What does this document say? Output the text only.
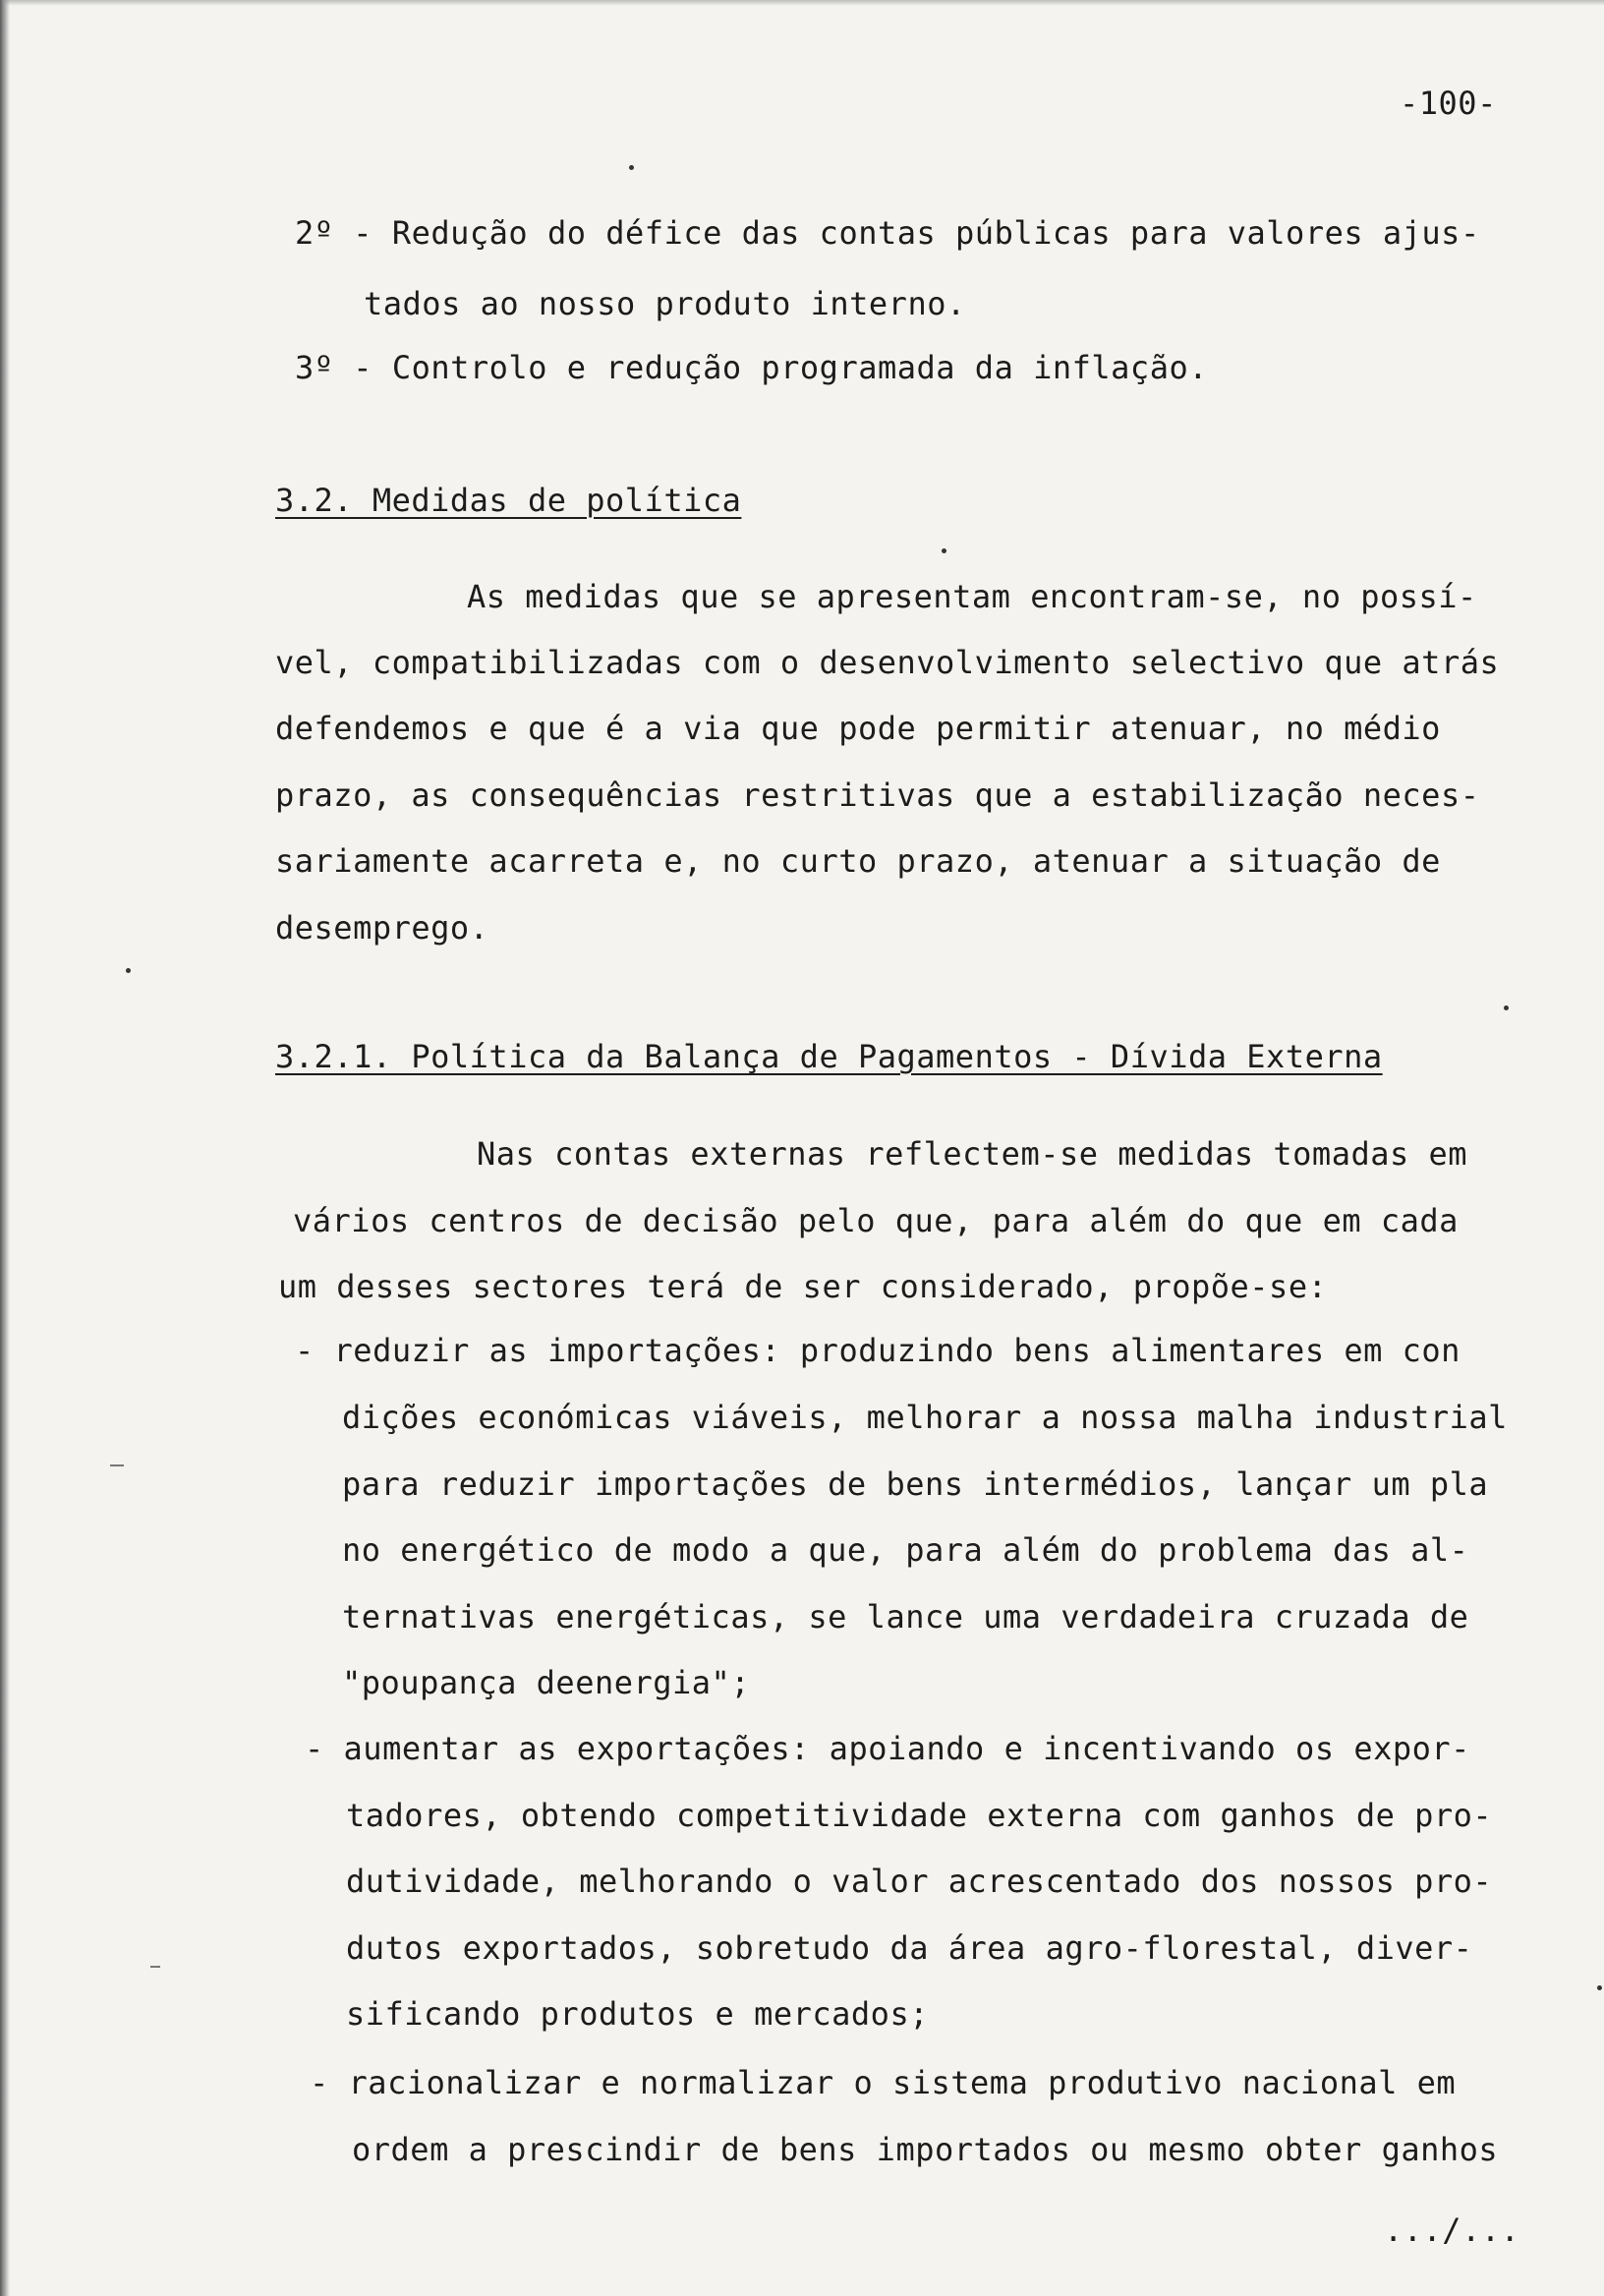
-100-
2º - Redução do défice das contas públicas para valores ajus-
tados ao nosso produto interno.
3º - Controlo e redução programada da inflação.
3.2. Medidas de política
As medidas que se apresentam encontram-se, no possí-
vel, compatibilizadas com o desenvolvimento selectivo que atrás
defendemos e que é a via que pode permitir atenuar, no médio
prazo, as consequências restritivas que a estabilização neces-
sariamente acarreta e, no curto prazo, atenuar a situação de
desemprego.
3.2.1. Política da Balança de Pagamentos - Dívida Externa
Nas contas externas reflectem-se medidas tomadas em
vários centros de decisão pelo que, para além do que em cada
um desses sectores terá de ser considerado, propõe-se:
- reduzir as importações: produzindo bens alimentares em con
dições económicas viáveis, melhorar a nossa malha industrial
para reduzir importações de bens intermédios, lançar um pla
no energético de modo a que, para além do problema das al-
ternativas energéticas, se lance uma verdadeira cruzada de
"poupança deenergia";
- aumentar as exportações: apoiando e incentivando os expor-
tadores, obtendo competitividade externa com ganhos de pro-
dutividade, melhorando o valor acrescentado dos nossos pro-
dutos exportados, sobretudo da área agro-florestal, diver-
sificando produtos e mercados;
- racionalizar e normalizar o sistema produtivo nacional em
ordem a prescindir de bens importados ou mesmo obter ganhos
.../...
